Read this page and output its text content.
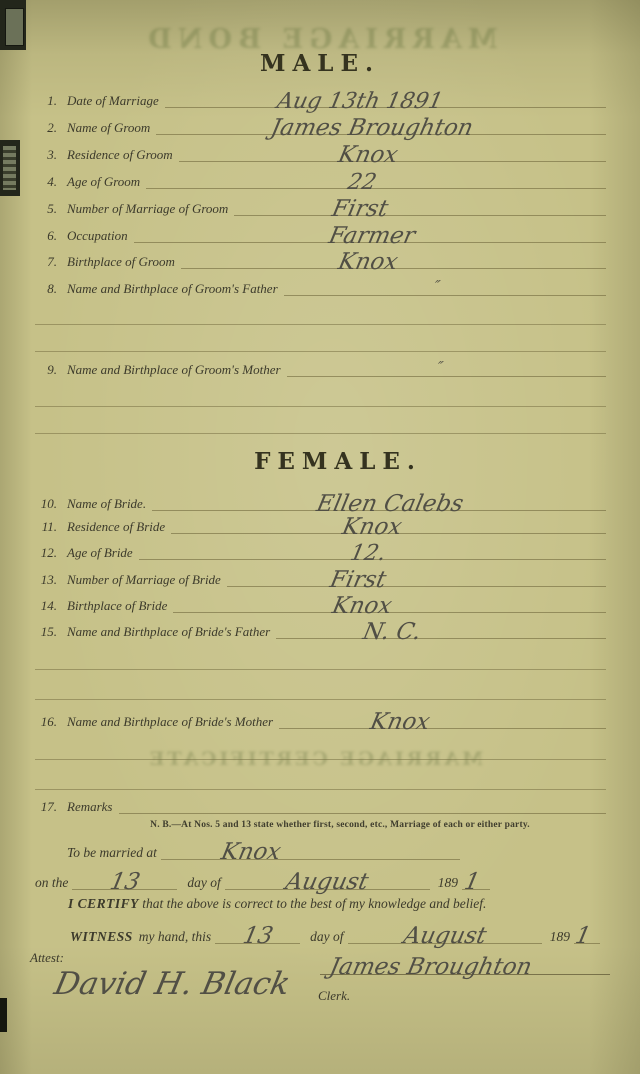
MARRIAGE BOND
MARRIAGE CERTIFICATE
MALE.
1. Date of Marriage	Aug 13th 1891
2. Name of Groom	James Broughton
3. Residence of Groom	Knox
4. Age of Groom	22
5. Number of Marriage of Groom	First
6. Occupation	Farmer
7. Birthplace of Groom	Knox
8. Name and Birthplace of Groom's Father	″
9. Name and Birthplace of Groom's Mother	″
FEMALE.
10. Name of Bride.	Ellen Calebs
11. Residence of Bride	Knox
12. Age of Bride	12.
13. Number of Marriage of Bride	First
14. Birthplace of Bride	Knox
15. Name and Birthplace of Bride's Father	N. C.
16. Name and Birthplace of Bride's Mother	Knox
17. Remarks
N. B.—At Nos. 5 and 13 state whether first, second, etc., Marriage of each or either party.
To be married at	Knox
on the 13	day of	August	189 1
I CERTIFY that the above is correct to the best of my knowledge and belief.
WITNESS my hand, this 13	day of August	189 1
Attest:	James Broughton
David H. Black Clerk.
